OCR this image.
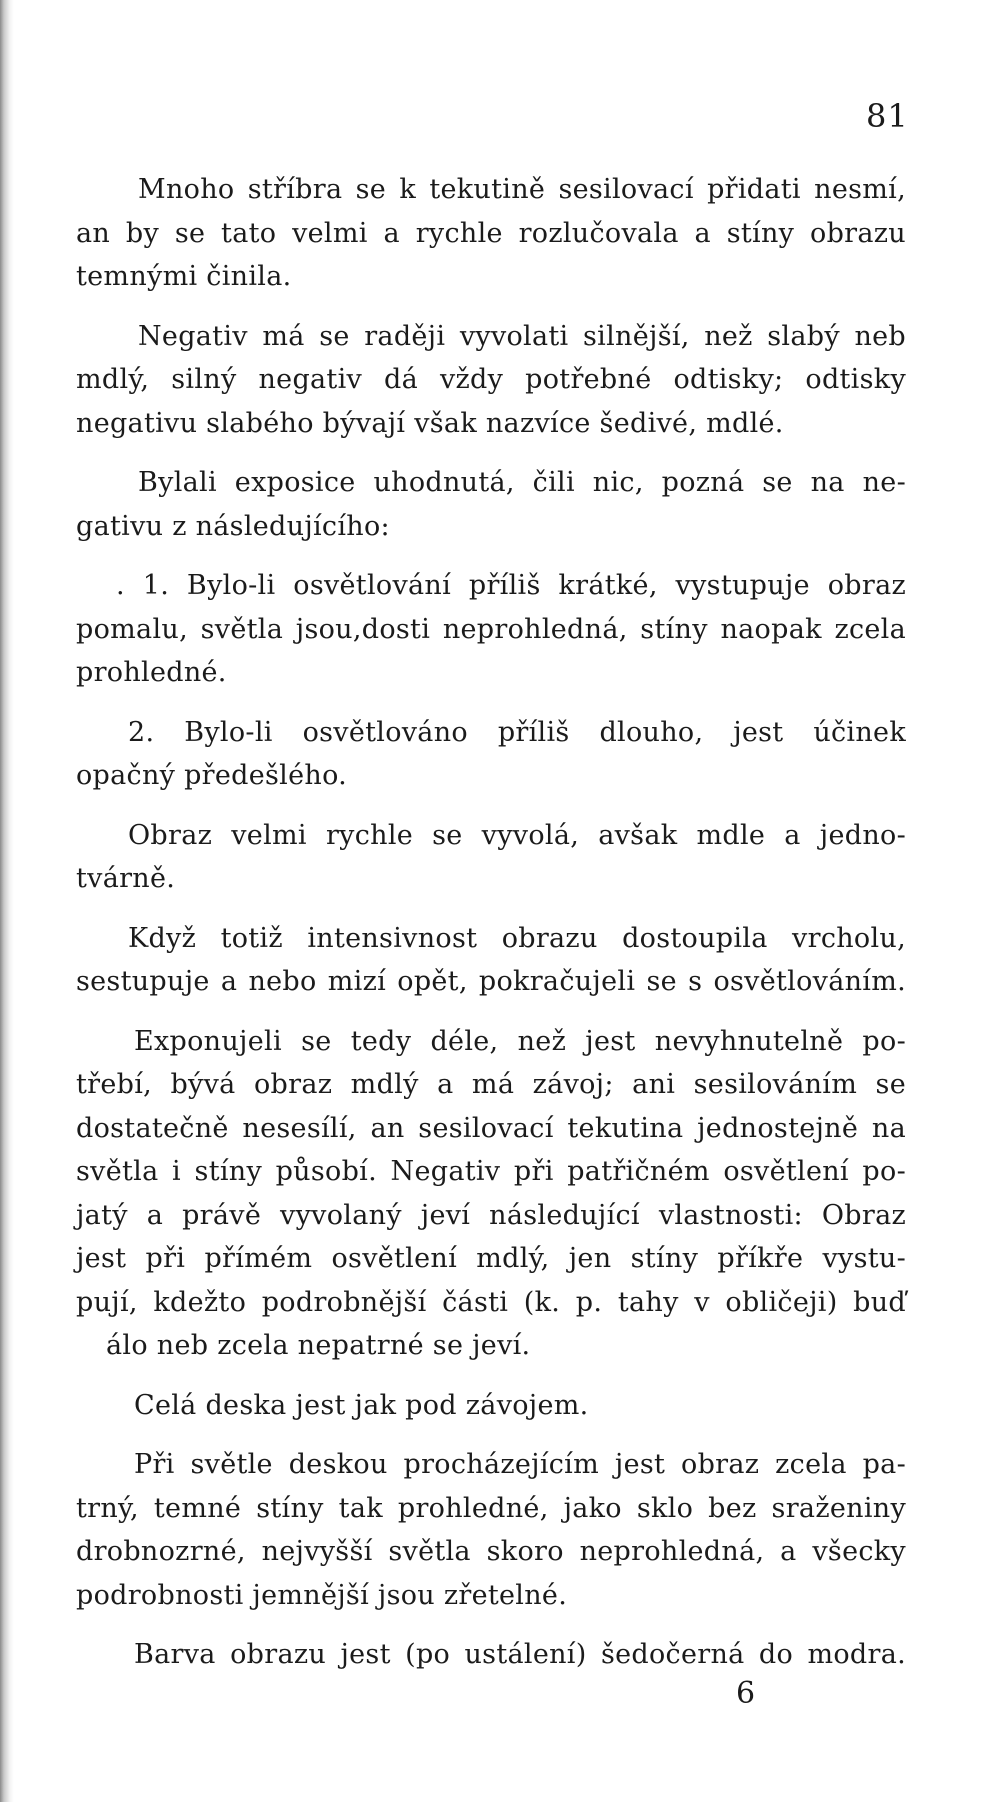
81

Mnoho stříbra se k tekutině sesilovací přidati nesmí,
an by se tato velmi a rychle rozlučovala a stíny obrazu
temnými činila.

Negativ má se raději vyvolati silnější, než slabý neb
mdlý, silný negativ dá vždy potřebné odtisky; odtisky
negativu slabého bývají však nazvíce šedivé, mdlé.

Bylali exposice uhodnutá, čili nic, pozná se na ne-
gativu z následujícího:

. 1. Bylo-li osvětlování příliš krátké, vystupuje obraz
pomalu, světla jsou,dosti neprohledná, stíny naopak zcela
prohledné.

2. Bylo-li osvětlováno příliš dlouho, jest účinek
opačný předešlého.

Obraz velmi rychle se vyvolá, avšak mdle a jedno-
tvárně.

Když totiž intensivnost obrazu dostoupila vrcholu,
sestupuje a nebo mizí opět, pokračujeli se s osvětlováním.

Exponujeli se tedy déle, než jest nevyhnutelně po-
třebí, bývá obraz mdlý a má závoj; ani sesilováním se
dostatečně nesesílí, an sesilovací tekutina jednostejně na
světla i stíny působí. Negativ při patřičném osvětlení po-
jatý a právě vyvolaný jeví následující vlastnosti: Obraz
jest při přímém osvětlení mdlý, jen stíny příkře vystu-
pují, kdežto podrobnější části (k. p. tahy v obličeji) buď
álo neb zcela nepatrné se jeví.

Celá deska jest jak pod závojem.

Při světle deskou procházejícím jest obraz zcela pa-
trný, temné stíny tak prohledné, jako sklo bez sraženiny
drobnozrné, nejvyšší světla skoro neprohledná, a všecky
podrobnosti jemnější jsou zřetelné.

Barva obrazu jest (po ustálení) šedočerná do modra.

6
